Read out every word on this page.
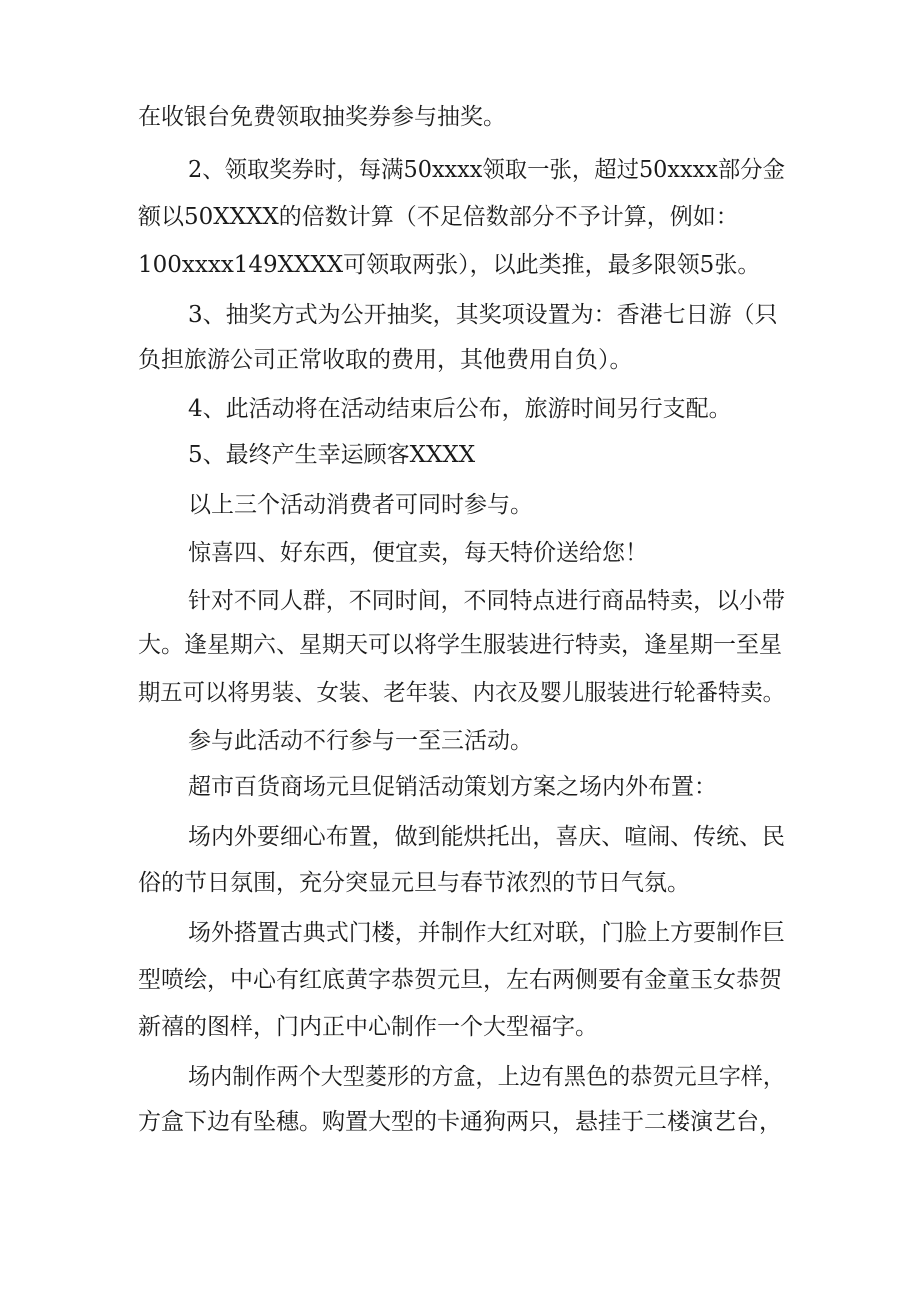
在收银台免费领取抽奖券参与抽奖。
2、领取奖券时，每满50xxxx领取一张，超过50xxxx部分金
额以50XXXX的倍数计算（不足倍数部分不予计算，例如：
100xxxx149XXXX可领取两张），以此类推，最多限领5张。
3、抽奖方式为公开抽奖，其奖项设置为：香港七日游（只
负担旅游公司正常收取的费用，其他费用自负）。
4、此活动将在活动结束后公布，旅游时间另行支配。
5、最终产生幸运顾客XXXX
以上三个活动消费者可同时参与。
惊喜四、好东西，便宜卖，每天特价送给您！
针对不同人群，不同时间，不同特点进行商品特卖，以小带
大。逢星期六、星期天可以将学生服装进行特卖，逢星期一至星
期五可以将男装、女装、老年装、内衣及婴儿服装进行轮番特卖。
参与此活动不行参与一至三活动。
超市百货商场元旦促销活动策划方案之场内外布置：
场内外要细心布置，做到能烘托出，喜庆、喧闹、传统、民
俗的节日氛围，充分突显元旦与春节浓烈的节日气氛。
场外搭置古典式门楼，并制作大红对联，门脸上方要制作巨
型喷绘，中心有红底黄字恭贺元旦，左右两侧要有金童玉女恭贺
新禧的图样，门内正中心制作一个大型福字。
场内制作两个大型菱形的方盒，上边有黑色的恭贺元旦字样，
方盒下边有坠穗。购置大型的卡通狗两只，悬挂于二楼演艺台，
